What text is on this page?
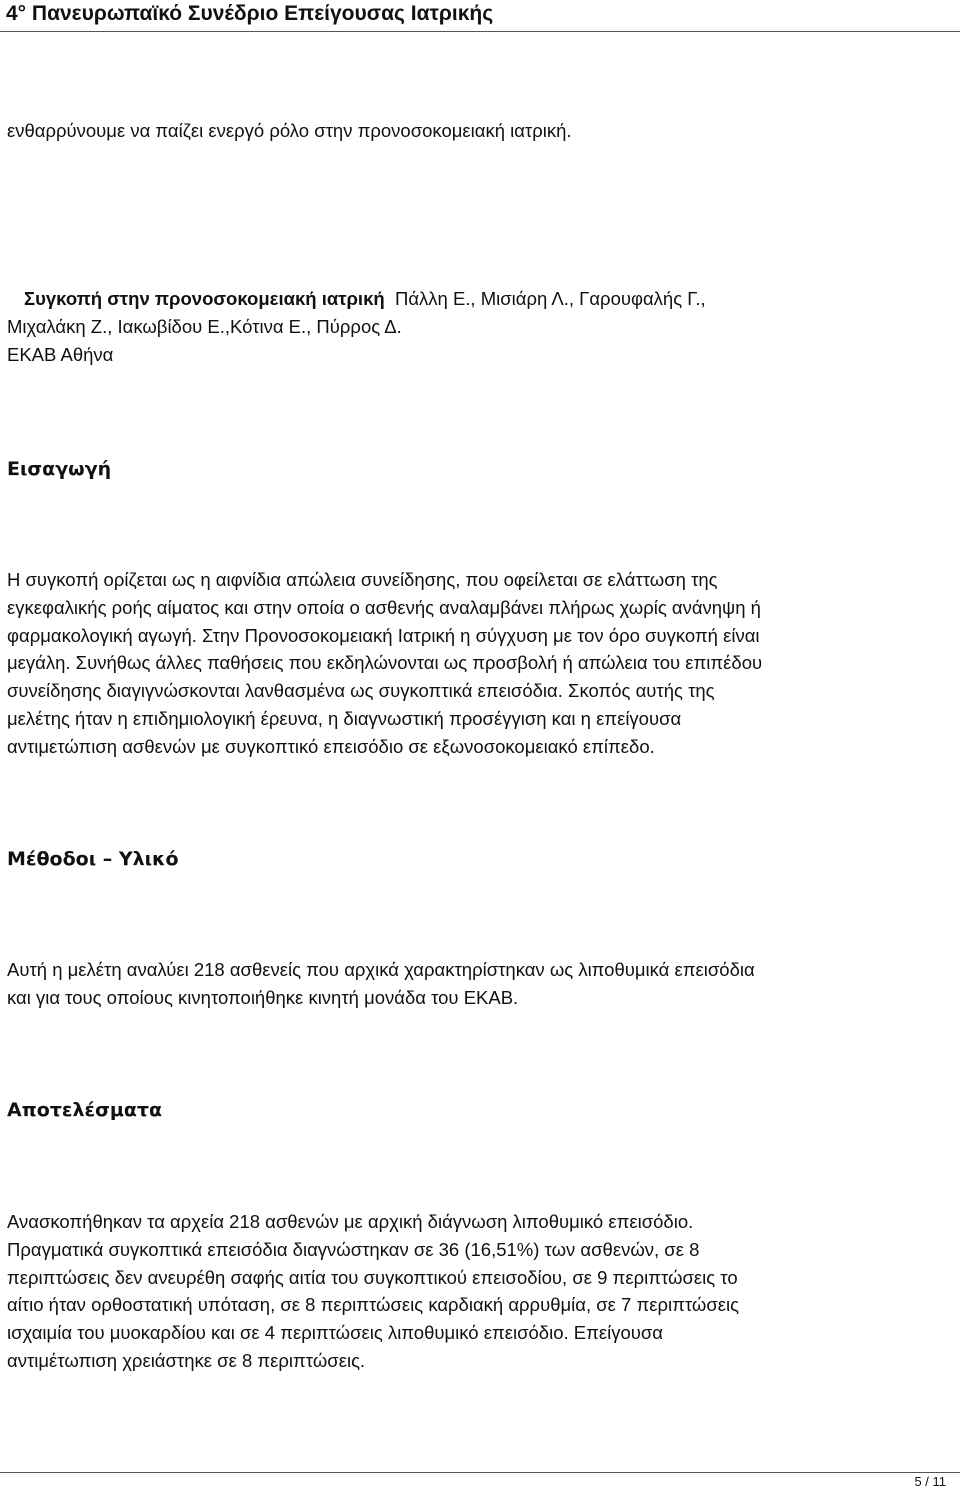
4° Πανευρωπαϊκό Συνέδριο Επείγουσας Ιατρικής
ενθαρρύνουμε να παίζει ενεργό ρόλο στην προνοσοκομειακή ιατρική.
Συγκοπή στην προνοσοκομειακή ιατρική Πάλλη Ε., Μισιάρη Λ., Γαρουφαλής Γ.,
Μιχαλάκη Ζ., Ιακωβίδου Ε.,Κότινα Ε., Πύρρος Δ.
ΕΚΑΒ Αθήνα
Εισαγωγή
Η συγκοπή ορίζεται ως η αιφνίδια απώλεια συνείδησης, που οφείλεται σε ελάττωση της
εγκεφαλικής ροής αίματος και στην οποία ο ασθενής αναλαμβάνει πλήρως χωρίς ανάνηψη ή
φαρμακολογική αγωγή. Στην Προνοσοκομειακή Ιατρική η σύγχυση με τον όρο συγκοπή είναι
μεγάλη. Συνήθως άλλες παθήσεις που εκδηλώνονται ως προσβολή ή απώλεια του επιπέδου
συνείδησης διαγιγνώσκονται λανθασμένα ως συγκοπτικά επεισόδια. Σκοπός αυτής της
μελέτης ήταν η επιδημιολογική έρευνα, η διαγνωστική προσέγγιση και η επείγουσα
αντιμετώπιση ασθενών με συγκοπτικό επεισόδιο σε εξωνοσοκομειακό επίπεδο.
Μέθοδοι – Υλικό
Αυτή η μελέτη αναλύει 218 ασθενείς που αρχικά χαρακτηρίστηκαν ως λιποθυμικά επεισόδια
και για τους οποίους κινητοποιήθηκε κινητή μονάδα του ΕΚΑΒ.
Αποτελέσματα
Ανασκοπήθηκαν τα αρχεία 218 ασθενών με αρχική διάγνωση λιποθυμικό επεισόδιο.
Πραγματικά συγκοπτικά επεισόδια διαγνώστηκαν σε 36 (16,51%) των ασθενών, σε 8
περιπτώσεις δεν ανευρέθη σαφής αιτία του συγκοπτικού επεισοδίου, σε 9 περιπτώσεις το
αίτιο ήταν ορθοστατική υπόταση, σε 8 περιπτώσεις καρδιακή αρρυθμία, σε 7 περιπτώσεις
ισχαιμία του μυοκαρδίου και σε 4 περιπτώσεις λιποθυμικό επεισόδιο. Επείγουσα
αντιμέτωπιση χρειάστηκε σε 8 περιπτώσεις.
5 / 11
